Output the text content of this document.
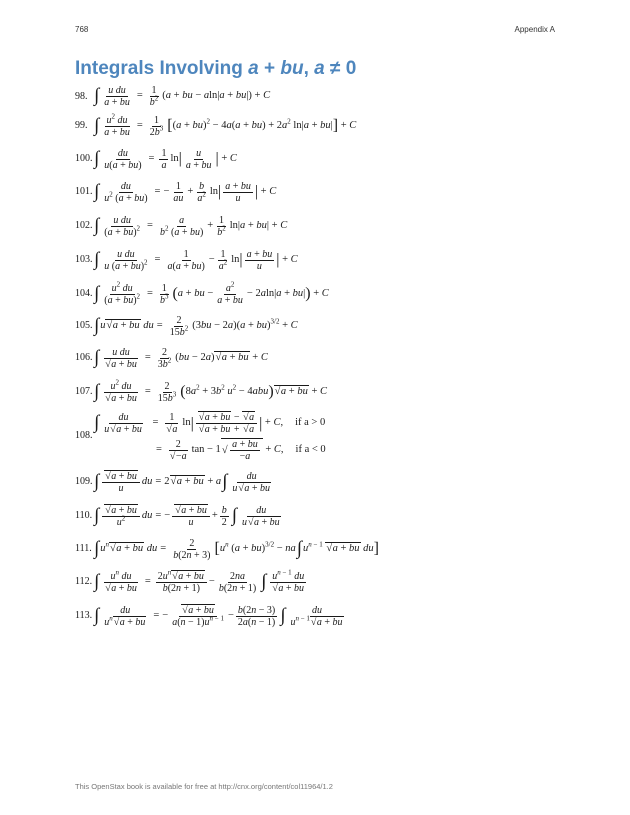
768	Appendix A
Integrals Involving a + bu, a ≠ 0
98. ∫ $\frac{\text{u du}}{a + bu} = \frac{1}{b^2} (a$ + bu − aln|a + bu|) + C
99. ∫ $\frac{u^2 du}{a + bu} = \frac{1}{2b^3}$ [ $(a + bu)^2 - 4a(a + bu) + 2a^2$ ln|a + bu| ] + C
100. ∫ $\frac{du}{u(a + bu)} = \frac{1}{a}$ ln | u
a + bu | + C
101. ∫ $\frac{du}{u^2 (a + bu)}$ = − $\frac{1}{au} + \frac{b}{a^2}$ ln | a + bu
u | + C
102. ∫ $\frac{\text{u du}}{(a + bu)^2} = \frac{a}{b^2 (a + bu)} + \frac{1}{b^2} \ln|a + bu| + C$
103. ∫ $\frac{\text{u du}}{u (a + bu)^2} = \frac{1}{a(a + bu)} - \frac{1}{a^2}$ ln | a + bu
u | + C
104. ∫ $\frac{u^2 du}{(a + bu)^2} = \frac{1}{b^3}$ ( a + bu − $\frac{a^2}{a + bu} - 2aln|a + bu|$ ) + C
105. ∫ u√ a + bu du = $\frac{2}{15b^2} (3bu - 2a)(a + bu)^{3/2} + C$
106. ∫ u du
√ a + bu = $\frac{2}{3b^2} (bu - 2a)√$ a + bu + C
107. ∫ $u^2$ du
√ a + bu = $\frac{2}{15b^3}$ ( $8a^2 + 3b^2$ $u^2 - 4abu$ )
√ a + bu + C
108.
∫ $\frac{du}{u√ a + bu} = 1$
√ a ln |
√	a + bu − √ a
√ a + bu + √ a | + C, if a > 0
= 2
√ −a tan − 1
√ $\frac{a + bu}{-a} + C$, if a < 0
109. ∫
√	a + bu
u
du = 2√ a + bu + a ∫ du
u√ a + bu
110. ∫
√	a + bu
$u^2$ du = −
√ $\frac{a + bu}{u} + \frac{b}{2}$ ∫ du
u√ a + bu
111. ∫ $u^n√$ a + bu du = $\frac{2}{b(2n + 3)}$ [ $u^n$ (a + bu)$^{3/2}$ − na ∫ $u^{n - 1}$ √ a + bu du ]
112. ∫ $u^n$ du
√ a + bu = $2u^n√$ a + bu
b(2n + 1)
− $\frac{2na}{b(2n + 1)}$ ∫ $u^{n - 1}$ du
√ a + bu
113. ∫ du
$u^n√$ a + bu
= −
√ $\frac{a + bu}{a(n - 1)u^{n - 1}} - \frac{b(2n - 3)}{2a(n - 1)}$ ∫	du
$u^{n - 1}√$ a + bu
This OpenStax book is available for free at http://cnx.org/content/col11964/1.2
